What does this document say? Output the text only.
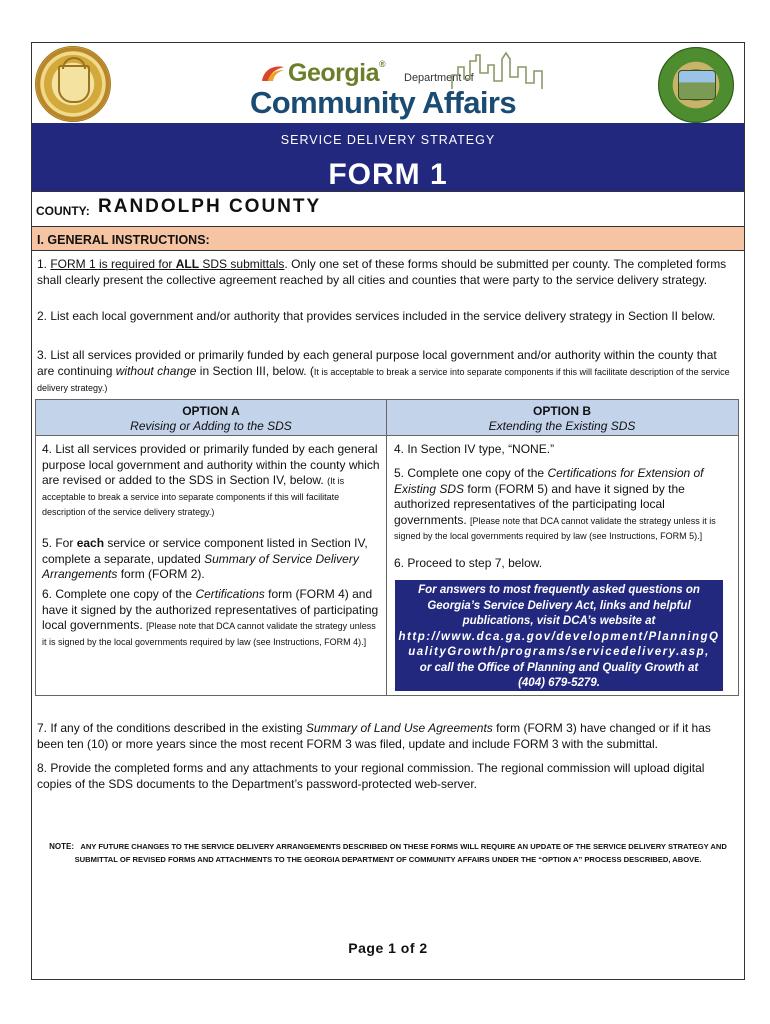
Georgia®
Department of
Community Affairs
SERVICE DELIVERY STRATEGY
FORM 1
COUNTY: RANDOLPH COUNTY
I. GENERAL INSTRUCTIONS:
1. FORM 1 is required for ALL SDS submittals. Only one set of these forms should be submitted per county. The completed forms shall clearly present the collective agreement reached by all cities and counties that were party to the service delivery strategy.
2. List each local government and/or authority that provides services included in the service delivery strategy in Section II below.
3. List all services provided or primarily funded by each general purpose local government and/or authority within the county that are continuing without change in Section III, below. (It is acceptable to break a service into separate components if this will facilitate description of the service delivery strategy.)
OPTION A
Revising or Adding to the SDS
OPTION B
Extending the Existing SDS
4. List all services provided or primarily funded by each general purpose local government and authority within the county which are revised or added to the SDS in Section IV, below. (It is acceptable to break a service into separate components if this will facilitate description of the service delivery strategy.)
5. For each service or service component listed in Section IV, complete a separate, updated Summary of Service Delivery Arrangements form (FORM 2).
6. Complete one copy of the Certifications form (FORM 4) and have it signed by the authorized representatives of participating local governments. [Please note that DCA cannot validate the strategy unless it is signed by the local governments required by law (see Instructions, FORM 4).]
4. In Section IV type, “NONE.”
5. Complete one copy of the Certifications for Extension of Existing SDS form (FORM 5) and have it signed by the authorized representatives of the participating local governments. [Please note that DCA cannot validate the strategy unless it is signed by the local governments required by law (see Instructions, FORM 5).]
6. Proceed to step 7, below.
For answers to most frequently asked questions on
Georgia’s Service Delivery Act, links and helpful
publications, visit DCA’s website at
http://www.dca.ga.gov/development/PlanningQ
ualityGrowth/programs/servicedelivery.asp,
or call the Office of Planning and Quality Growth at
(404) 679-5279.
7. If any of the conditions described in the existing Summary of Land Use Agreements form (FORM 3) have changed or if it has been ten (10) or more years since the most recent FORM 3 was filed, update and include FORM 3 with the submittal.
8. Provide the completed forms and any attachments to your regional commission. The regional commission will upload digital copies of the SDS documents to the Department’s password-protected web-server.
NOTE: ANY FUTURE CHANGES TO THE SERVICE DELIVERY ARRANGEMENTS DESCRIBED ON THESE FORMS WILL REQUIRE AN UPDATE OF THE SERVICE DELIVERY STRATEGY AND SUBMITTAL OF REVISED FORMS AND ATTACHMENTS TO THE GEORGIA DEPARTMENT OF COMMUNITY AFFAIRS UNDER THE “OPTION A” PROCESS DESCRIBED, ABOVE.
Page 1 of 2
